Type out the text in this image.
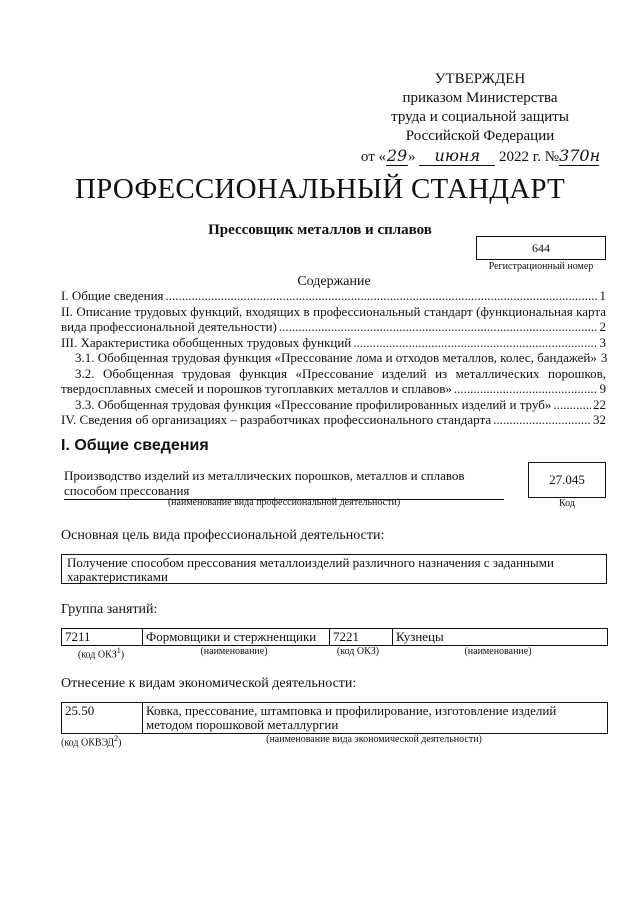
УТВЕРЖДЕН
приказом Министерства
труда и социальной защиты
Российской Федерации
от «29» июня 2022 г. №370н
ПРОФЕССИОНАЛЬНЫЙ СТАНДАРТ
Прессовщик металлов и сплавов
644
Регистрационный номер
Содержание
I. Общие сведения .....	1
II. Описание трудовых функций, входящих в профессиональный стандарт (функциональная карта
вида профессиональной деятельности) .....	2
III. Характеристика обобщенных трудовых функций .....	3
3.1. Обобщенная трудовая функция «Прессование лома и отходов металлов, колес, бандажей» 3
3.2. Обобщенная трудовая функция «Прессование изделий из металлических порошков,
твердосплавных смесей и порошков тугоплавких металлов и сплавов» .....	9
3.3. Обобщенная трудовая функция «Прессование профилированных изделий и труб» .....	22
IV. Сведения об организациях – разработчиках профессионального стандарта .....	32
I. Общие сведения
Производство изделий из металлических порошков, металлов и сплавов способом прессования
(наименование вида профессиональной деятельности)
27.045
Код
Основная цель вида профессиональной деятельности:
Получение способом прессования металлоизделий различного назначения с заданными характеристиками
Группа занятий:
7211	Формовщики и стержненщики	7221	Кузнецы
(код ОКЗ$^1$)	(наименование)	(код ОКЗ)	(наименование)
Отнесение к видам экономической деятельности:
25.50	Ковка, прессование, штамповка и профилирование, изготовление изделий методом порошковой металлургии
(код ОКВЭД$^2$)	(наименование вида экономической деятельности)
